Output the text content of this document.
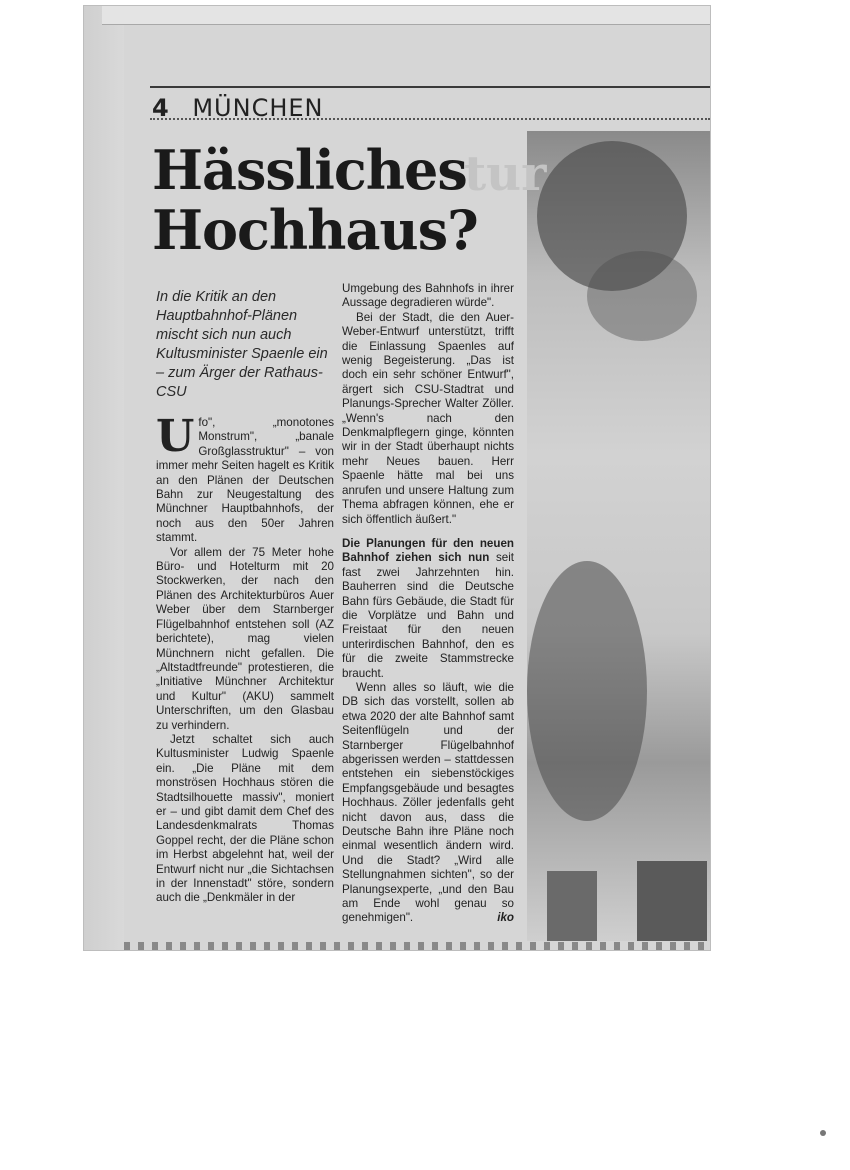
4 MÜNCHEN
tur
Hässliches
Hochhaus?
In die Kritik an den Hauptbahnhof-Plänen mischt sich nun auch Kultusminister Spaenle ein – zum Ärger der Rathaus-CSU

Ufo", „monotones Monstrum", „banale Großglasstruktur" – von immer mehr Seiten hagelt es Kritik an den Plänen der Deutschen Bahn zur Neugestaltung des Münchner Hauptbahnhofs, der noch aus den 50er Jahren stammt.

Vor allem der 75 Meter hohe Büro- und Hotelturm mit 20 Stockwerken, der nach den Plänen des Architekturbüros Auer Weber über dem Starnberger Flügelbahnhof entstehen soll (AZ berichtete), mag vielen Münchnern nicht gefallen. Die „Altstadtfreunde" protestieren, die „Initiative Münchner Architektur und Kultur" (AKU) sammelt Unterschriften, um den Glasbau zu verhindern.

Jetzt schaltet sich auch Kultusminister Ludwig Spaenle ein. „Die Pläne mit dem monströsen Hochhaus stören die Stadtsilhouette massiv", moniert er – und gibt damit dem Chef des Landesdenkmalrats Thomas Goppel recht, der die Pläne schon im Herbst abgelehnt hat, weil der Entwurf nicht nur „die Sichtachsen in der Innenstadt" störe, sondern auch die „Denkmäler in der

Umgebung des Bahnhofs in ihrer Aussage degradieren würde".

Bei der Stadt, die den Auer-Weber-Entwurf unterstützt, trifft die Einlassung Spaenles auf wenig Begeisterung. „Das ist doch ein sehr schöner Entwurf", ärgert sich CSU-Stadtrat und Planungs-Sprecher Walter Zöller. „Wenn's nach den Denkmalpflegern ginge, könnten wir in der Stadt überhaupt nichts mehr Neues bauen. Herr Spaenle hätte mal bei uns anrufen und unsere Haltung zum Thema abfragen können, ehe er sich öffentlich äußert."

Die Planungen für den neuen Bahnhof ziehen sich nun seit fast zwei Jahrzehnten hin. Bauherren sind die Deutsche Bahn fürs Gebäude, die Stadt für die Vorplätze und Bahn und Freistaat für den neuen unterirdischen Bahnhof, den es für die zweite Stammstrecke braucht.

Wenn alles so läuft, wie die DB sich das vorstellt, sollen ab etwa 2020 der alte Bahnhof samt Seitenflügeln und der Starnberger Flügelbahnhof abgerissen werden – stattdessen entstehen ein siebenstöckiges Empfangsgebäude und besagtes Hochhaus. Zöller jedenfalls geht nicht davon aus, dass die Deutsche Bahn ihre Pläne noch einmal wesentlich ändern wird. Und die Stadt? „Wird alle Stellungnahmen sichten", so der Planungsexperte, „und den Bau am Ende wohl genau so genehmigen".	iko
